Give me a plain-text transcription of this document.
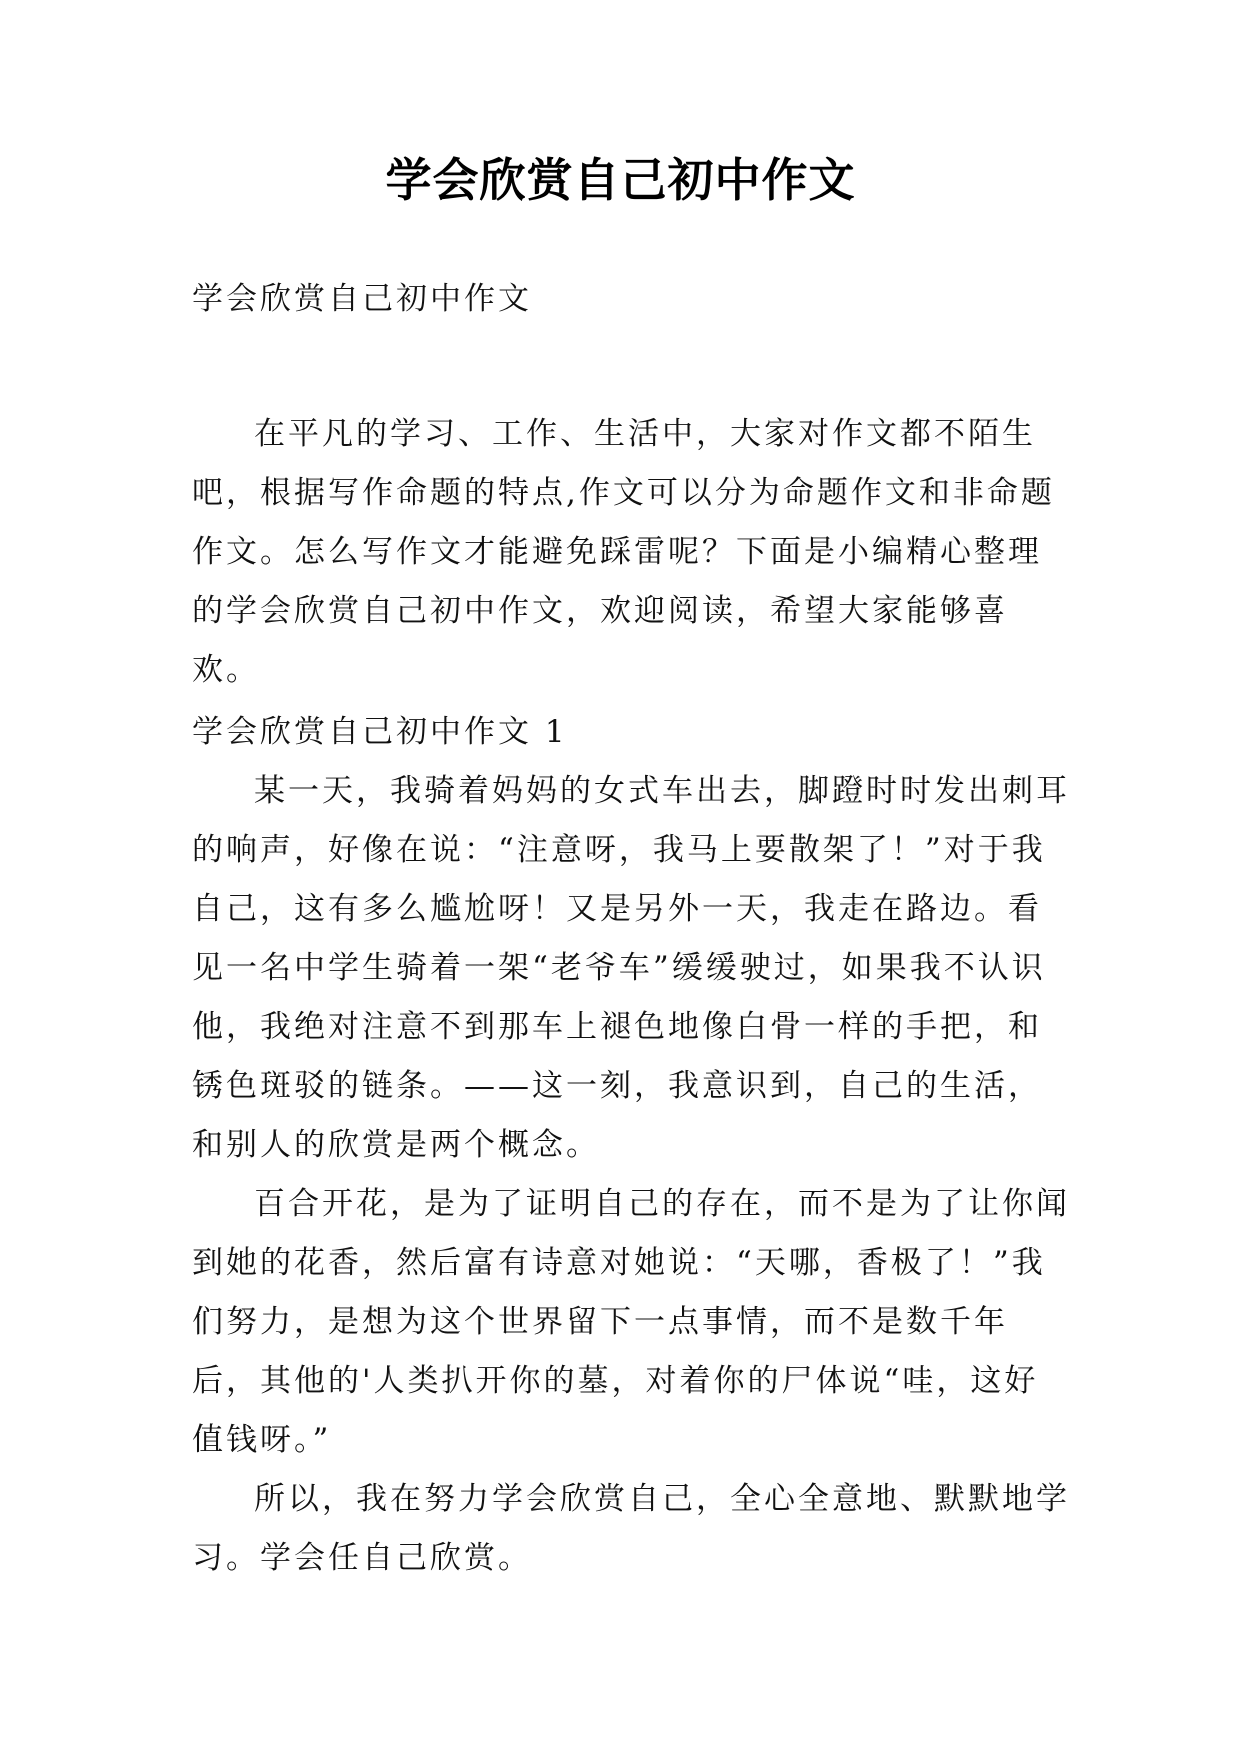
学会欣赏自己初中作文
学会欣赏自己初中作文

在平凡的学习、工作、生活中，大家对作文都不陌生吧，根据写作命题的特点,作文可以分为命题作文和非命题作文。怎么写作文才能避免踩雷呢？下面是小编精心整理的学会欣赏自己初中作文，欢迎阅读，希望大家能够喜欢。

学会欣赏自己初中作文 1

某一天，我骑着妈妈的女式车出去，脚蹬时时发出刺耳的响声，好像在说：“注意呀，我马上要散架了！”对于我自己，这有多么尴尬呀！又是另外一天，我走在路边。看见一名中学生骑着一架“老爷车”缓缓驶过，如果我不认识他，我绝对注意不到那车上褪色地像白骨一样的手把，和锈色斑驳的链条。——这一刻，我意识到，自己的生活，和别人的欣赏是两个概念。

百合开花，是为了证明自己的存在，而不是为了让你闻到她的花香，然后富有诗意对她说：“天哪，香极了！”我们努力，是想为这个世界留下一点事情，而不是数千年后，其他的'人类扒开你的墓，对着你的尸体说“哇，这好值钱呀。”

所以，我在努力学会欣赏自己，全心全意地、默默地学习。学会任自己欣赏。
